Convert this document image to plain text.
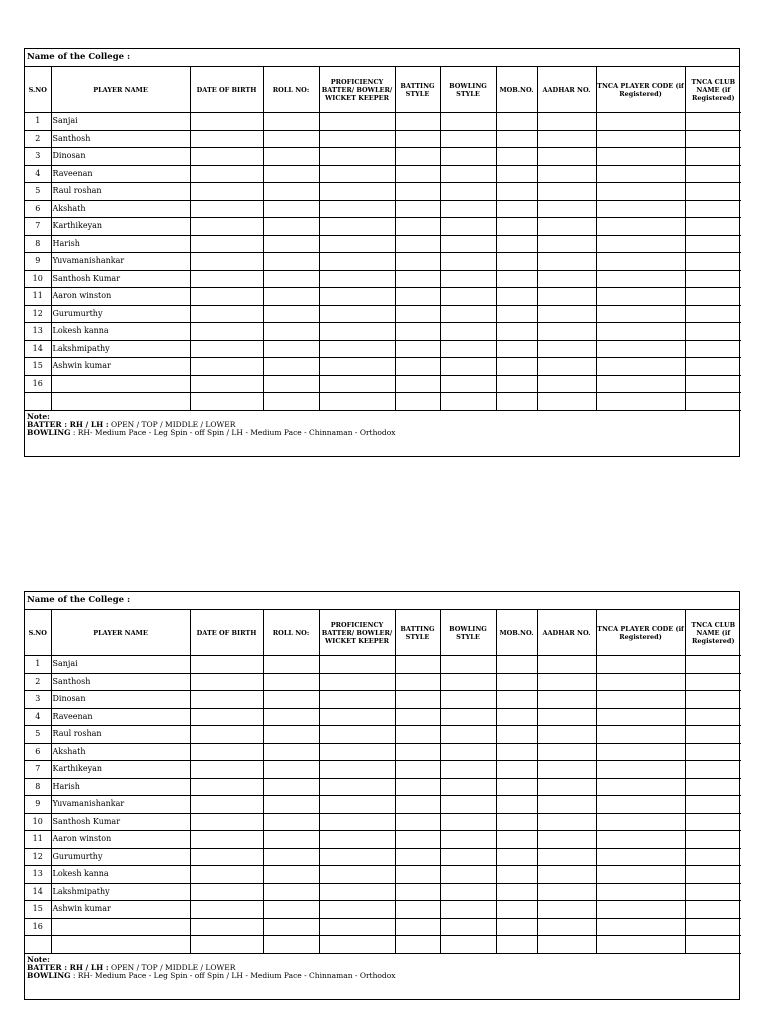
Name of the College :
S.NO	PLAYER NAME	DATE OF BIRTH	ROLL NO:	PROFICIENCY BATTER/ BOWLER/ WICKET KEEPER	BATTING STYLE	BOWLING STYLE	MOB.NO.	AADHAR NO.	TNCA PLAYER CODE (if Registered)	TNCA CLUB NAME (if Registered)
1	Sanjai									
2	Santhosh									
3	Dinosan									
4	Raveenan									
5	Raul roshan									
6	Akshath									
7	Karthikeyan									
8	Harish									
9	Yuvamanishankar									
10	Santhosh Kumar									
11	Aaron winston									
12	Gurumurthy									
13	Lokesh kanna									
14	Lakshmipathy									
15	Ashwin kumar									
16										

Note:
BATTER : RH / LH : OPEN / TOP / MIDDLE / LOWER
BOWLING : RH- Medium Pace - Leg Spin - off Spin / LH - Medium Pace - Chinnaman - Orthodox
Name of the College :
S.NO	PLAYER NAME	DATE OF BIRTH	ROLL NO:	PROFICIENCY BATTER/ BOWLER/ WICKET KEEPER	BATTING STYLE	BOWLING STYLE	MOB.NO.	AADHAR NO.	TNCA PLAYER CODE (if Registered)	TNCA CLUB NAME (if Registered)
1	Sanjai									
2	Santhosh									
3	Dinosan									
4	Raveenan									
5	Raul roshan									
6	Akshath									
7	Karthikeyan									
8	Harish									
9	Yuvamanishankar									
10	Santhosh Kumar									
11	Aaron winston									
12	Gurumurthy									
13	Lokesh kanna									
14	Lakshmipathy									
15	Ashwin kumar									
16										

Note:
BATTER : RH / LH : OPEN / TOP / MIDDLE / LOWER
BOWLING : RH- Medium Pace - Leg Spin - off Spin / LH - Medium Pace - Chinnaman - Orthodox
